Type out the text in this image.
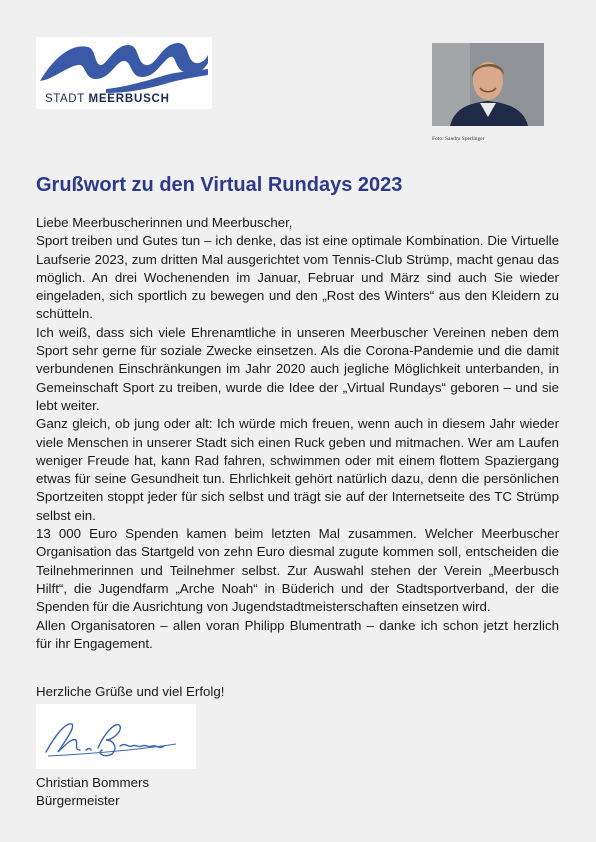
STADT MEERBUSCH
Foto: Sandra Sperlinger
Grußwort zu den Virtual Rundays 2023

Liebe Meerbuscherinnen und Meerbuscher,

Sport treiben und Gutes tun – ich denke, das ist eine optimale Kombination. Die Virtuelle Laufserie 2023, zum dritten Mal ausgerichtet vom Tennis-Club Strümp, macht genau das möglich. An drei Wochenenden im Januar, Februar und März sind auch Sie wieder eingeladen, sich sportlich zu bewegen und den „Rost des Winters“ aus den Kleidern zu schütteln.

Ich weiß, dass sich viele Ehrenamtliche in unseren Meerbuscher Vereinen neben dem Sport sehr gerne für soziale Zwecke einsetzen. Als die Corona-Pandemie und die damit verbundenen Einschränkungen im Jahr 2020 auch jegliche Möglichkeit unterbanden, in Gemeinschaft Sport zu treiben, wurde die Idee der „Virtual Rundays“ geboren – und sie lebt weiter.

Ganz gleich, ob jung oder alt: Ich würde mich freuen, wenn auch in diesem Jahr wieder viele Menschen in unserer Stadt sich einen Ruck geben und mitmachen. Wer am Laufen weniger Freude hat, kann Rad fahren, schwimmen oder mit einem flottem Spaziergang etwas für seine Gesundheit tun. Ehrlichkeit gehört natürlich dazu, denn die persönlichen Sportzeiten stoppt jeder für sich selbst und trägt sie auf der Internetseite des TC Strümp selbst ein.

13 000 Euro Spenden kamen beim letzten Mal zusammen. Welcher Meerbuscher Organisation das Startgeld von zehn Euro diesmal zugute kommen soll, entscheiden die Teilnehmerinnen und Teilnehmer selbst. Zur Auswahl stehen der Verein „Meerbusch Hilft“, die Jugendfarm „Arche Noah“ in Büderich und der Stadtsportverband, der die Spenden für die Ausrichtung von Jugendstadtmeisterschaften einsetzen wird.

Allen Organisatoren – allen voran Philipp Blumentrath – danke ich schon jetzt herzlich für ihr Engagement.

Herzliche Grüße und viel Erfolg!

Christian Bommers
Bürgermeister
